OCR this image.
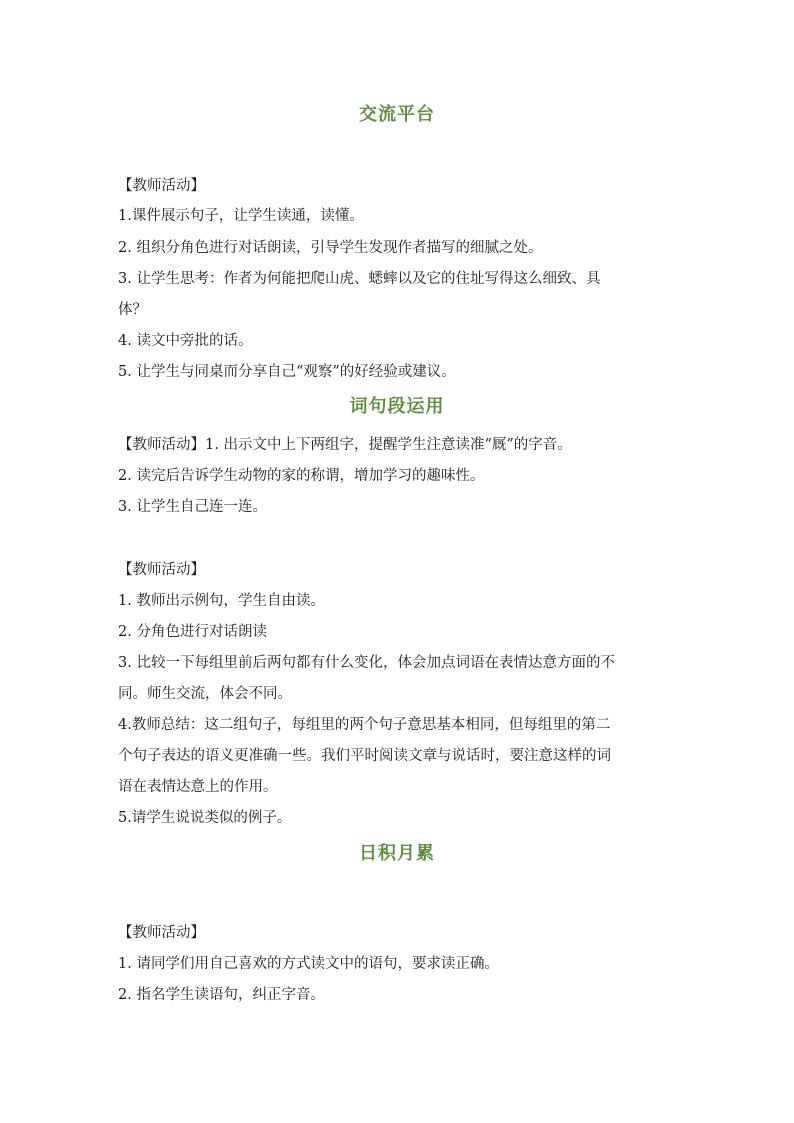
交流平台
【教师活动】
1.课件展示句子，让学生读通，读懂。
2. 组织分角色进行对话朗读，引导学生发现作者描写的细腻之处。
3. 让学生思考：作者为何能把爬山虎、蟋蟀以及它的住址写得这么细致、具
体？
4. 读文中旁批的话。
5. 让学生与同桌而分享自己“观察”的好经验或建议。
词句段运用
【教师活动】1. 出示文中上下两组字，提醒学生注意读准“厩”的字音。
2. 读完后告诉学生动物的家的称谓，增加学习的趣味性。
3. 让学生自己连一连。
【教师活动】
1. 教师出示例句，学生自由读。
2. 分角色进行对话朗读
3. 比较一下每组里前后两句都有什么变化，体会加点词语在表情达意方面的不
同。师生交流，体会不同。
4.教师总结：这二组句子，每组里的两个句子意思基本相同，但每组里的第二
个句子表达的语义更准确一些。我们平时阅读文章与说话时，要注意这样的词
语在表情达意上的作用。
5.请学生说说类似的例子。
日积月累
【教师活动】
1. 请同学们用自己喜欢的方式读文中的语句，要求读正确。
2. 指名学生读语句，纠正字音。
